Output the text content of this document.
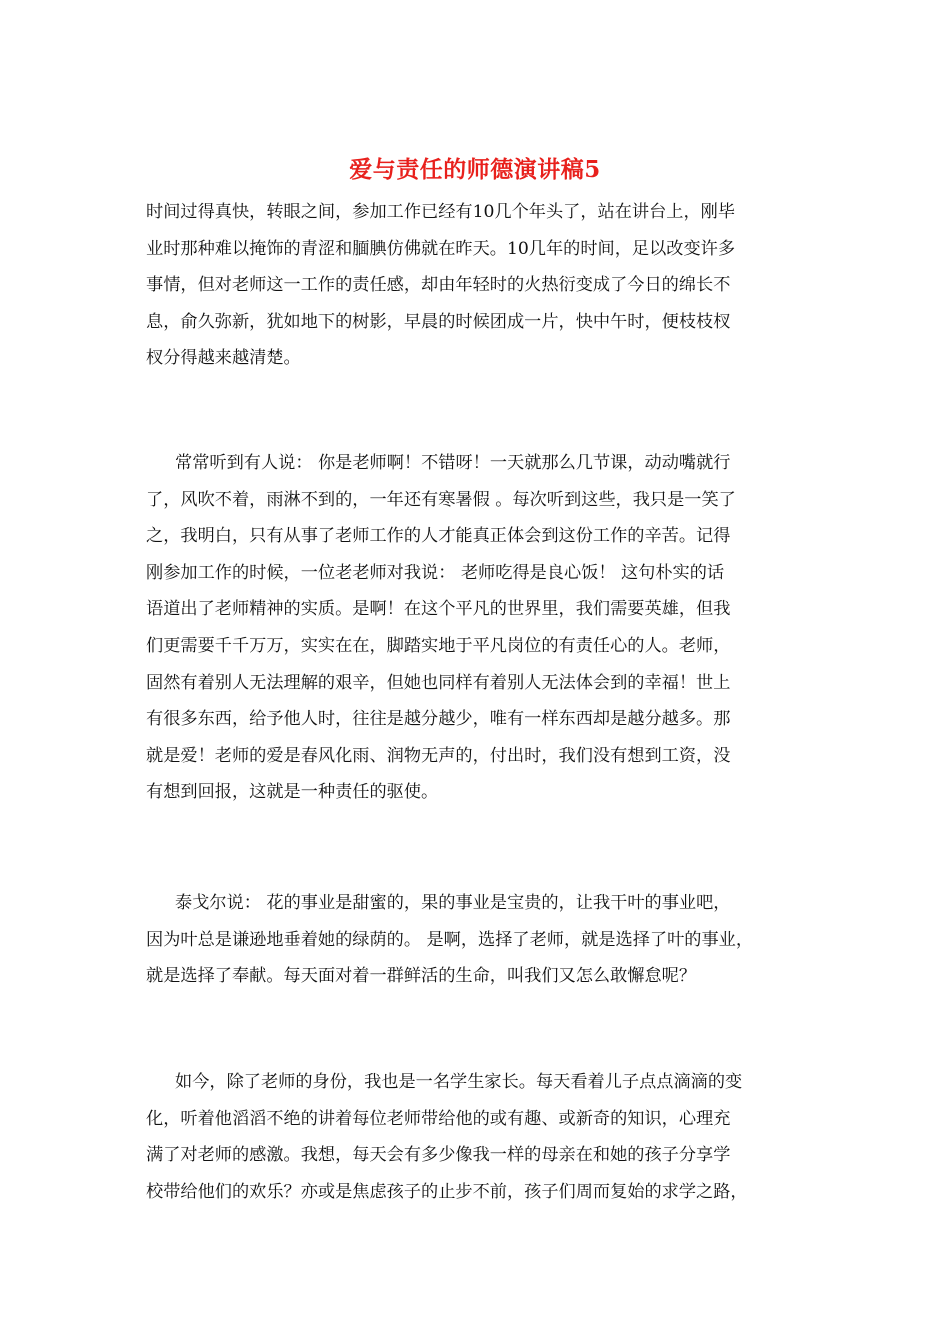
爱与责任的师德演讲稿5
时间过得真快，转眼之间，参加工作已经有10几个年头了，站在讲台上，刚毕
业时那种难以掩饰的青涩和腼腆仿佛就在昨天。10几年的时间，足以改变许多
事情，但对老师这一工作的责任感，却由年轻时的火热衍变成了今日的绵长不
息，俞久弥新，犹如地下的树影，早晨的时候团成一片，快中午时，便枝枝杈
杈分得越来越清楚。
常常听到有人说： 你是老师啊！不错呀！一天就那么几节课，动动嘴就行
了，风吹不着，雨淋不到的，一年还有寒暑假 。每次听到这些，我只是一笑了
之，我明白，只有从事了老师工作的人才能真正体会到这份工作的辛苦。记得
刚参加工作的时候，一位老老师对我说： 老师吃得是良心饭！ 这句朴实的话
语道出了老师精神的实质。是啊！在这个平凡的世界里，我们需要英雄，但我
们更需要千千万万，实实在在，脚踏实地于平凡岗位的有责任心的人。老师，
固然有着别人无法理解的艰辛，但她也同样有着别人无法体会到的幸福！世上
有很多东西，给予他人时，往往是越分越少，唯有一样东西却是越分越多。那
就是爱！老师的爱是春风化雨、润物无声的，付出时，我们没有想到工资，没
有想到回报，这就是一种责任的驱使。
泰戈尔说： 花的事业是甜蜜的，果的事业是宝贵的，让我干叶的事业吧，
因为叶总是谦逊地垂着她的绿荫的。 是啊，选择了老师，就是选择了叶的事业，
就是选择了奉献。每天面对着一群鲜活的生命，叫我们又怎么敢懈怠呢？
如今，除了老师的身份，我也是一名学生家长。每天看着儿子点点滴滴的变
化，听着他滔滔不绝的讲着每位老师带给他的或有趣、或新奇的知识，心理充
满了对老师的感激。我想，每天会有多少像我一样的母亲在和她的孩子分享学
校带给他们的欢乐？亦或是焦虑孩子的止步不前，孩子们周而复始的求学之路，
